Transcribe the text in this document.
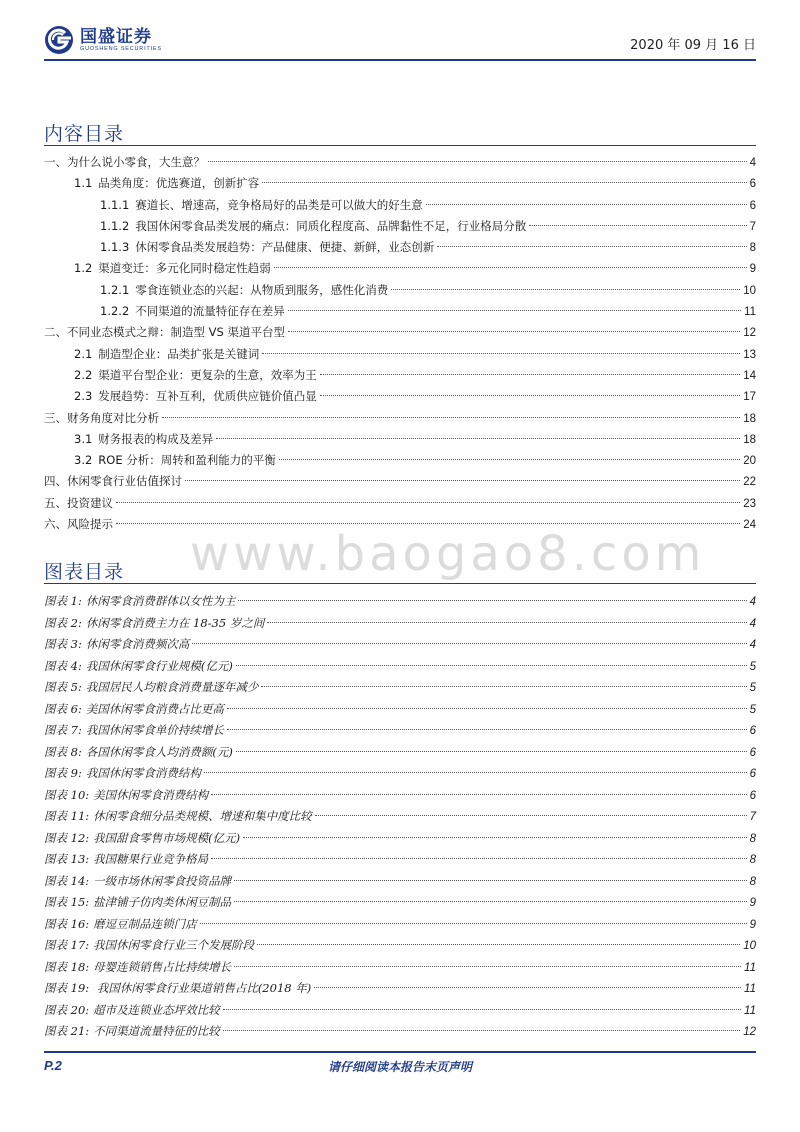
国盛证券
GUOSHENG SECURITIES	2020 年 09 月 16 日
内容目录
一、为什么说小零食，大生意？	4
1.1 品类角度：优选赛道，创新扩容	6
1.1.1 赛道长、增速高，竞争格局好的品类是可以做大的好生意	6
1.1.2 我国休闲零食品类发展的痛点：同质化程度高、品牌黏性不足，行业格局分散	7
1.1.3 休闲零食品类发展趋势：产品健康、便捷、新鲜，业态创新	8
1.2 渠道变迁：多元化同时稳定性趋弱	9
1.2.1 零食连锁业态的兴起：从物质到服务，感性化消费	10
1.2.2 不同渠道的流量特征存在差异	11
二、不同业态模式之辩：制造型 VS 渠道平台型	12
2.1 制造型企业：品类扩张是关键词	13
2.2 渠道平台型企业：更复杂的生意，效率为王	14
2.3 发展趋势：互补互利，优质供应链价值凸显	17
三、财务角度对比分析	18
3.1 财务报表的构成及差异	18
3.2 ROE 分析：周转和盈利能力的平衡	20
四、休闲零食行业估值探讨	22
五、投资建议	23
六、风险提示	24
www.baogao8.com
图表目录
图表 1: 休闲零食消费群体以女性为主	4
图表 2: 休闲零食消费主力在 18-35 岁之间	4
图表 3: 休闲零食消费频次高	4
图表 4: 我国休闲零食行业规模(亿元)	5
图表 5: 我国居民人均粮食消费量逐年减少	5
图表 6: 美国休闲零食消费占比更高	5
图表 7: 我国休闲零食单价持续增长	6
图表 8: 各国休闲零食人均消费额(元)	6
图表 9: 我国休闲零食消费结构	6
图表 10: 美国休闲零食消费结构	6
图表 11: 休闲零食细分品类规模、增速和集中度比较	7
图表 12: 我国甜食零售市场规模(亿元)	8
图表 13: 我国糖果行业竞争格局	8
图表 14: 一级市场休闲零食投资品牌	8
图表 15: 盐津铺子仿肉类休闲豆制品	9
图表 16: 磨逗豆制品连锁门店	9
图表 17: 我国休闲零食行业三个发展阶段	10
图表 18: 母婴连锁销售占比持续增长	11
图表 19: 我国休闲零食行业渠道销售占比(2018 年)	11
图表 20: 超市及连锁业态坪效比较	11
图表 21: 不同渠道流量特征的比较	12
P.2	请仔细阅读本报告末页声明
